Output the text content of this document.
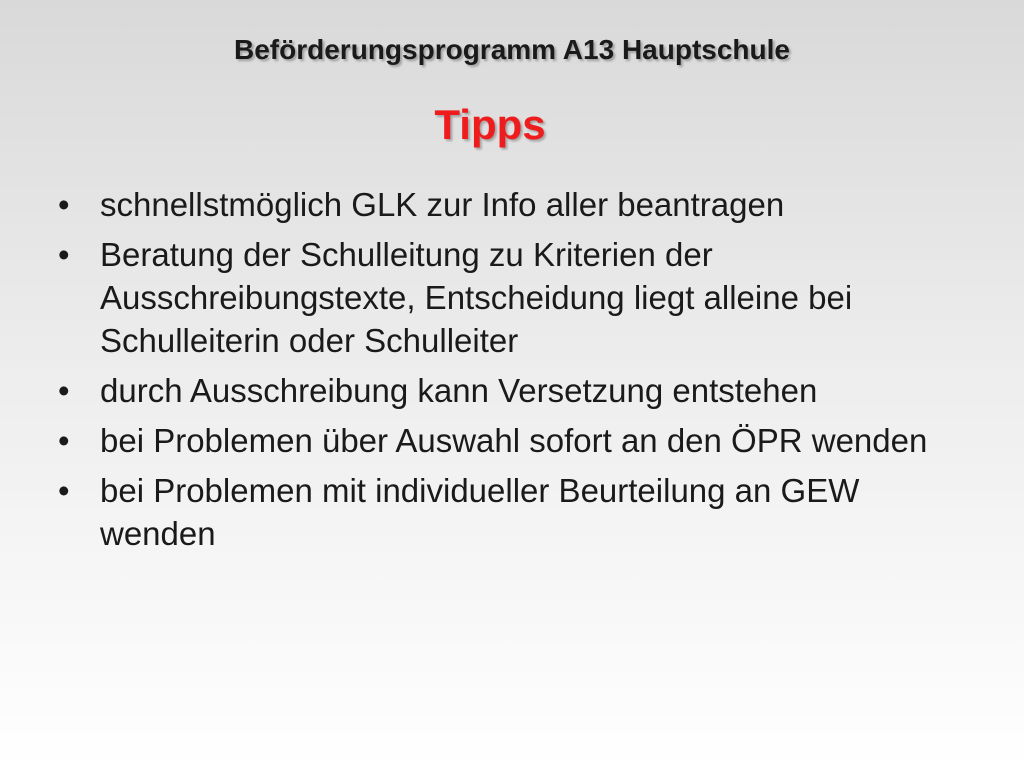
Beförderungsprogramm A13 Hauptschule
Tipps
• schnellstmöglich GLK zur Info aller beantragen
• Beratung der Schulleitung zu Kriterien der Ausschreibungstexte, Entscheidung liegt alleine bei Schulleiterin oder Schulleiter
• durch Ausschreibung kann Versetzung entstehen
• bei Problemen über Auswahl sofort an den ÖPR wenden
• bei Problemen mit individueller Beurteilung an GEW wenden
